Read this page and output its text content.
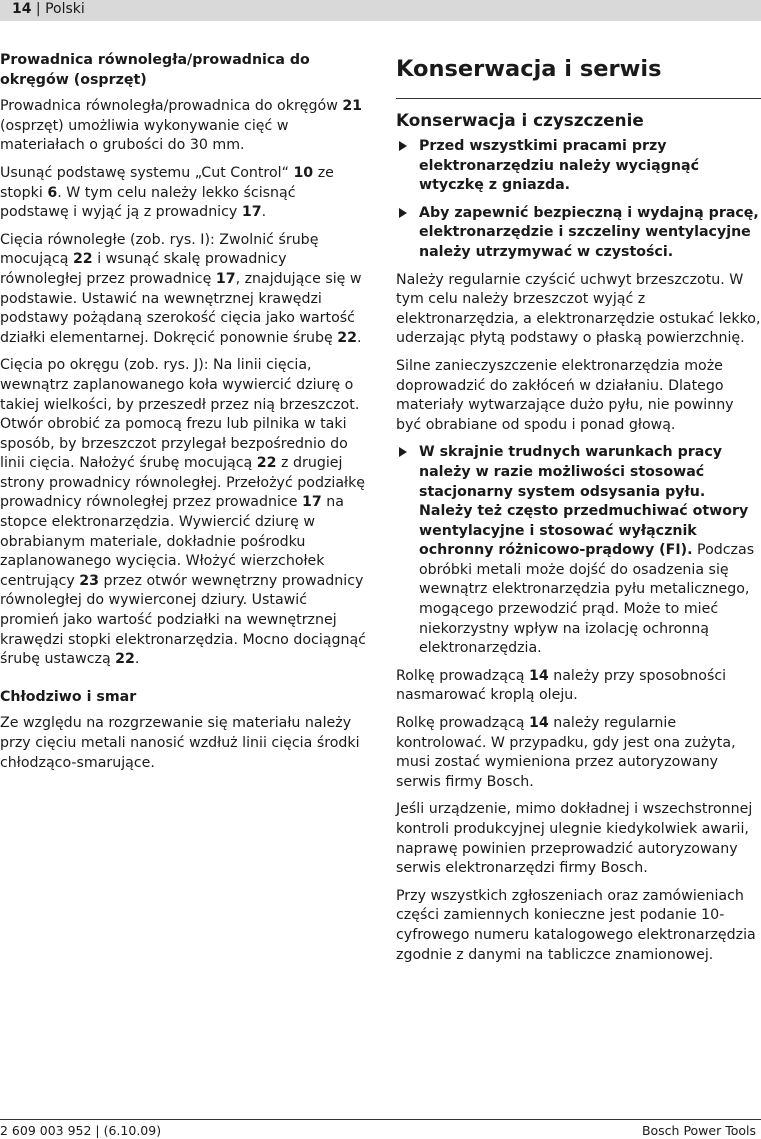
14 | Polski

Prowadnica równoległa/prowadnica do okręgów (osprzęt)

Prowadnica równoległa/prowadnica do okręgów 21 (osprzęt) umożliwia wykonywanie cięć w materiałach o grubości do 30 mm.

Usunąć podstawę systemu „Cut Control“ 10 ze stopki 6. W tym celu należy lekko ścisnąć podstawę i wyjąć ją z prowadnicy 17.

Cięcia równoległe (zob. rys. I): Zwolnić śrubę mocującą 22 i wsunąć skalę prowadnicy równoległej przez prowadnicę 17, znajdujące się w podstawie. Ustawić na wewnętrznej krawędzi podstawy pożądaną szerokość cięcia jako wartość działki elementarnej. Dokręcić ponownie śrubę 22.

Cięcia po okręgu (zob. rys. J): Na linii cięcia, wewnątrz zaplanowanego koła wywiercić dziurę o takiej wielkości, by przeszedł przez nią brzeszczot. Otwór obrobić za pomocą frezu lub pilnika w taki sposób, by brzeszczot przylegał bezpośrednio do linii cięcia. Nałożyć śrubę mocującą 22 z drugiej strony prowadnicy równoległej. Przełożyć podziałkę prowadnicy równoległej przez prowadnice 17 na stopce elektronarzędzia. Wywiercić dziurę w obrabianym materiale, dokładnie pośrodku zaplanowanego wycięcia. Włożyć wierzchołek centrujący 23 przez otwór wewnętrzny prowadnicy równoległej do wywierconej dziury. Ustawić promień jako wartość podziałki na wewnętrznej krawędzi stopki elektronarzędzia. Mocno dociągnąć śrubę ustawczą 22.

Chłodziwo i smar

Ze względu na rozgrzewanie się materiału należy przy cięciu metali nanosić wzdłuż linii cięcia środki chłodząco-smarujące.

Konserwacja i serwis
Konserwacja i czyszczenie
Przed wszystkimi pracami przy elektronarzędziu należy wyciągnąć wtyczkę z gniazda.
Aby zapewnić bezpieczną i wydajną pracę, elektronarzędzie i szczeliny wentylacyjne należy utrzymywać w czystości.

Należy regularnie czyścić uchwyt brzeszczotu. W tym celu należy brzeszczot wyjąć z elektronarzędzia, a elektronarzędzie ostukać lekko, uderzając płytą podstawy o płaską powierzchnię.

Silne zanieczyszczenie elektronarzędzia może doprowadzić do zakłóceń w działaniu. Dlatego materiały wytwarzające dużo pyłu, nie powinny być obrabiane od spodu i ponad głową.

W skrajnie trudnych warunkach pracy należy w razie możliwości stosować stacjonarny system odsysania pyłu. Należy też często przedmuchiwać otwory wentylacyjne i stosować wyłącznik ochronny różnicowo-prądowy (FI). Podczas obróbki metali może dojść do osadzenia się wewnątrz elektronarzędzia pyłu metalicznego, mogącego przewodzić prąd. Może to mieć niekorzystny wpływ na izolację ochronną elektronarzędzia.

Rolkę prowadzącą 14 należy przy sposobności nasmarować kroplą oleju.

Rolkę prowadzącą 14 należy regularnie kontrolować. W przypadku, gdy jest ona zużyta, musi zostać wymieniona przez autoryzowany serwis firmy Bosch.

Jeśli urządzenie, mimo dokładnej i wszechstronnej kontroli produkcyjnej ulegnie kiedykolwiek awarii, naprawę powinien przeprowadzić autoryzowany serwis elektronarzędzi firmy Bosch.

Przy wszystkich zgłoszeniach oraz zamówieniach części zamiennych konieczne jest podanie 10-cyfrowego numeru katalogowego elektronarzędzia zgodnie z danymi na tabliczce znamionowej.

2 609 003 952 | (6.10.09)	Bosch Power Tools
